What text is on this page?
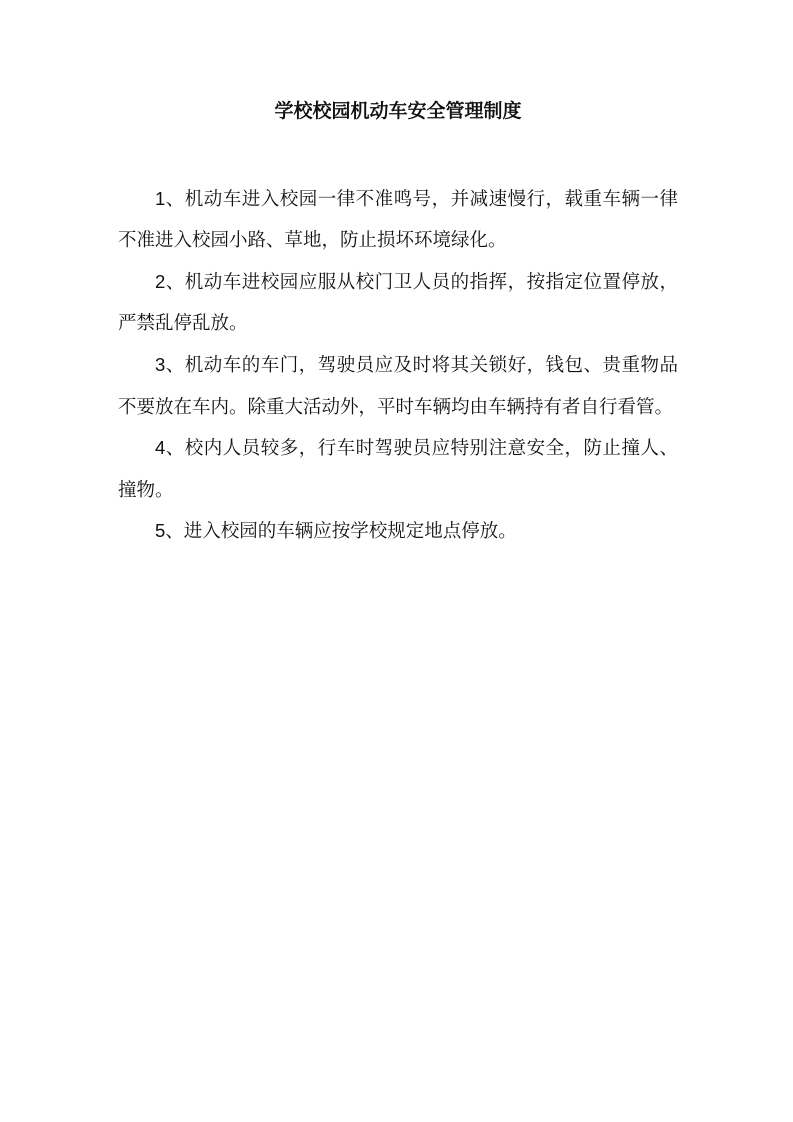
学校校园机动车安全管理制度

1、机动车进入校园一律不准鸣号，并减速慢行，载重车辆一律不准进入校园小路、草地，防止损坏环境绿化。

2、机动车进校园应服从校门卫人员的指挥，按指定位置停放，严禁乱停乱放。

3、机动车的车门，驾驶员应及时将其关锁好，钱包、贵重物品不要放在车内。除重大活动外，平时车辆均由车辆持有者自行看管。

4、校内人员较多，行车时驾驶员应特别注意安全，防止撞人、撞物。

5、进入校园的车辆应按学校规定地点停放。
